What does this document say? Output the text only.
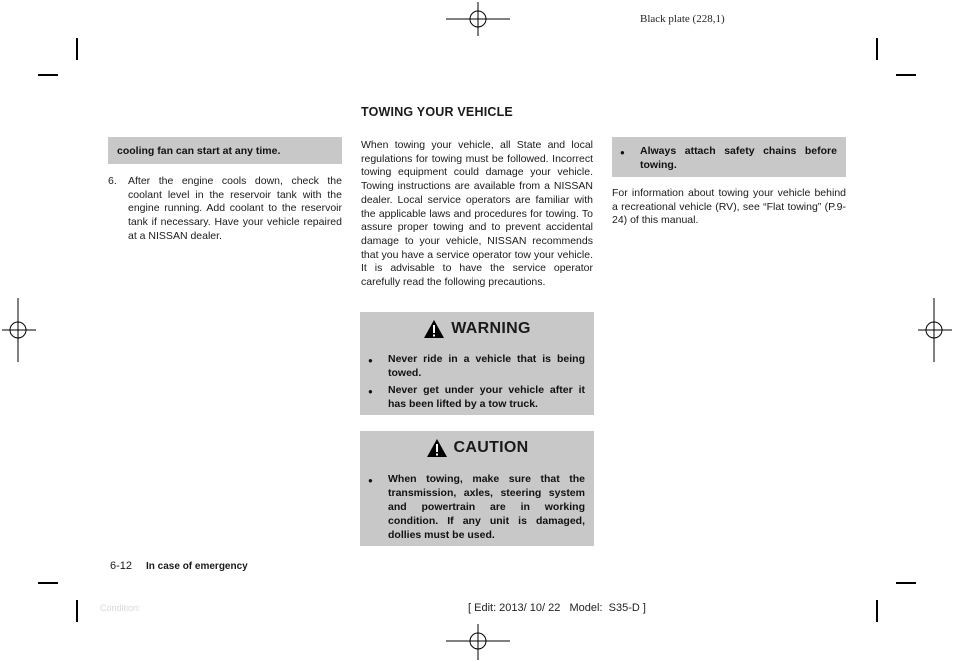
Black plate (228,1)
cooling fan can start at any time.
6. After the engine cools down, check the coolant level in the reservoir tank with the engine running. Add coolant to the reservoir tank if necessary. Have your vehicle repaired at a NISSAN dealer.
TOWING YOUR VEHICLE
When towing your vehicle, all State and local regulations for towing must be followed. Incorrect towing equipment could damage your vehicle. Towing instructions are available from a NISSAN dealer. Local service operators are familiar with the applicable laws and procedures for towing. To assure proper towing and to prevent accidental damage to your vehicle, NISSAN recommends that you have a service operator tow your vehicle. It is advisable to have the service operator carefully read the following precautions.
WARNING
● Never ride in a vehicle that is being towed.
● Never get under your vehicle after it has been lifted by a tow truck.
CAUTION
● When towing, make sure that the transmission, axles, steering system and powertrain are in working condition. If any unit is damaged, dollies must be used.
● Always attach safety chains before towing.
For information about towing your vehicle behind a recreational vehicle (RV), see “Flat towing” (P.9-24) of this manual.
6-12 In case of emergency
Condition:	[ Edit: 2013/ 10/ 22   Model:  S35-D ]
